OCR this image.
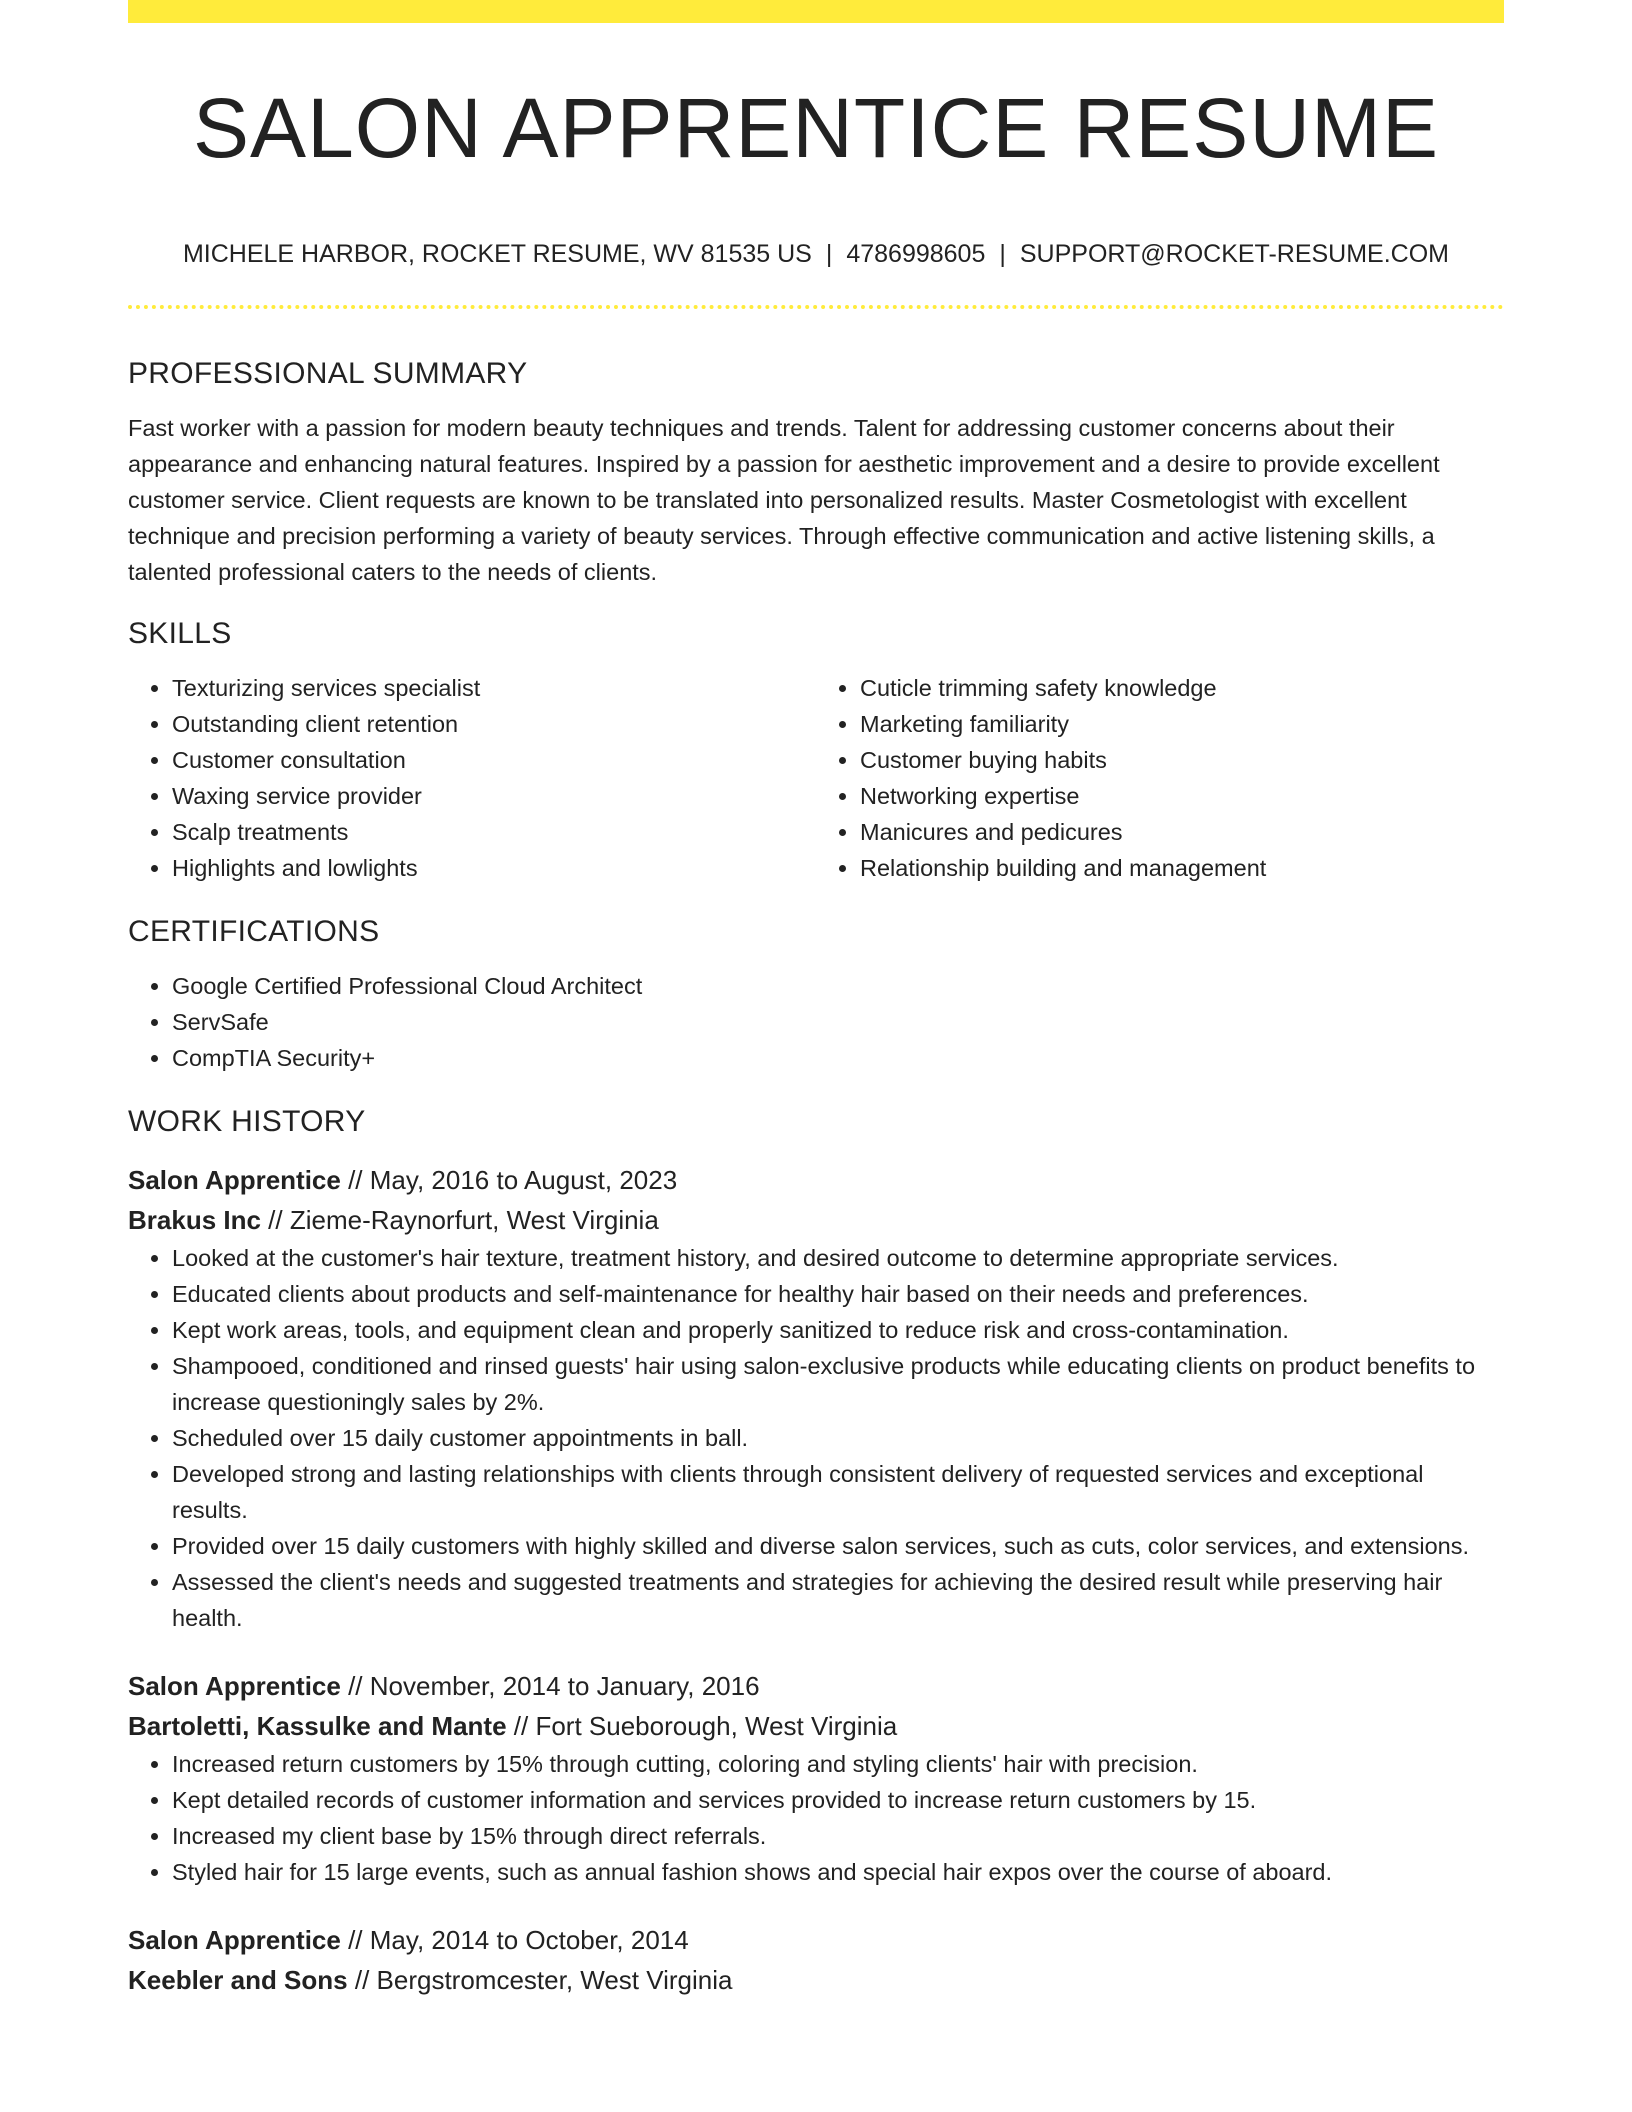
SALON APPRENTICE RESUME
MICHELE HARBOR, ROCKET RESUME, WV 81535 US | 4786998605 | SUPPORT@ROCKET-RESUME.COM
PROFESSIONAL SUMMARY

Fast worker with a passion for modern beauty techniques and trends. Talent for addressing customer concerns about their appearance and enhancing natural features. Inspired by a passion for aesthetic improvement and a desire to provide excellent customer service. Client requests are known to be translated into personalized results. Master Cosmetologist with excellent technique and precision performing a variety of beauty services. Through effective communication and active listening skills, a talented professional caters to the needs of clients.

SKILLS
• Texturizing services specialist
• Outstanding client retention
• Customer consultation
• Waxing service provider
• Scalp treatments
• Highlights and lowlights
• Cuticle trimming safety knowledge
• Marketing familiarity
• Customer buying habits
• Networking expertise
• Manicures and pedicures
• Relationship building and management
CERTIFICATIONS
• Google Certified Professional Cloud Architect
• ServSafe
• CompTIA Security+
WORK HISTORY

Salon Apprentice // May, 2016 to August, 2023

Brakus Inc // Zieme-Raynorfurt, West Virginia

• Looked at the customer's hair texture, treatment history, and desired outcome to determine appropriate services.
• Educated clients about products and self-maintenance for healthy hair based on their needs and preferences.
• Kept work areas, tools, and equipment clean and properly sanitized to reduce risk and cross-contamination.
• Shampooed, conditioned and rinsed guests' hair using salon-exclusive products while educating clients on product benefits to increase questioningly sales by 2%.
• Scheduled over 15 daily customer appointments in ball.
• Developed strong and lasting relationships with clients through consistent delivery of requested services and exceptional results.
• Provided over 15 daily customers with highly skilled and diverse salon services, such as cuts, color services, and extensions.
• Assessed the client's needs and suggested treatments and strategies for achieving the desired result while preserving hair health.

Salon Apprentice // November, 2014 to January, 2016

Bartoletti, Kassulke and Mante // Fort Sueborough, West Virginia

• Increased return customers by 15% through cutting, coloring and styling clients' hair with precision.
• Kept detailed records of customer information and services provided to increase return customers by 15.
• Increased my client base by 15% through direct referrals.
• Styled hair for 15 large events, such as annual fashion shows and special hair expos over the course of aboard.

Salon Apprentice // May, 2014 to October, 2014

Keebler and Sons // Bergstromcester, West Virginia
